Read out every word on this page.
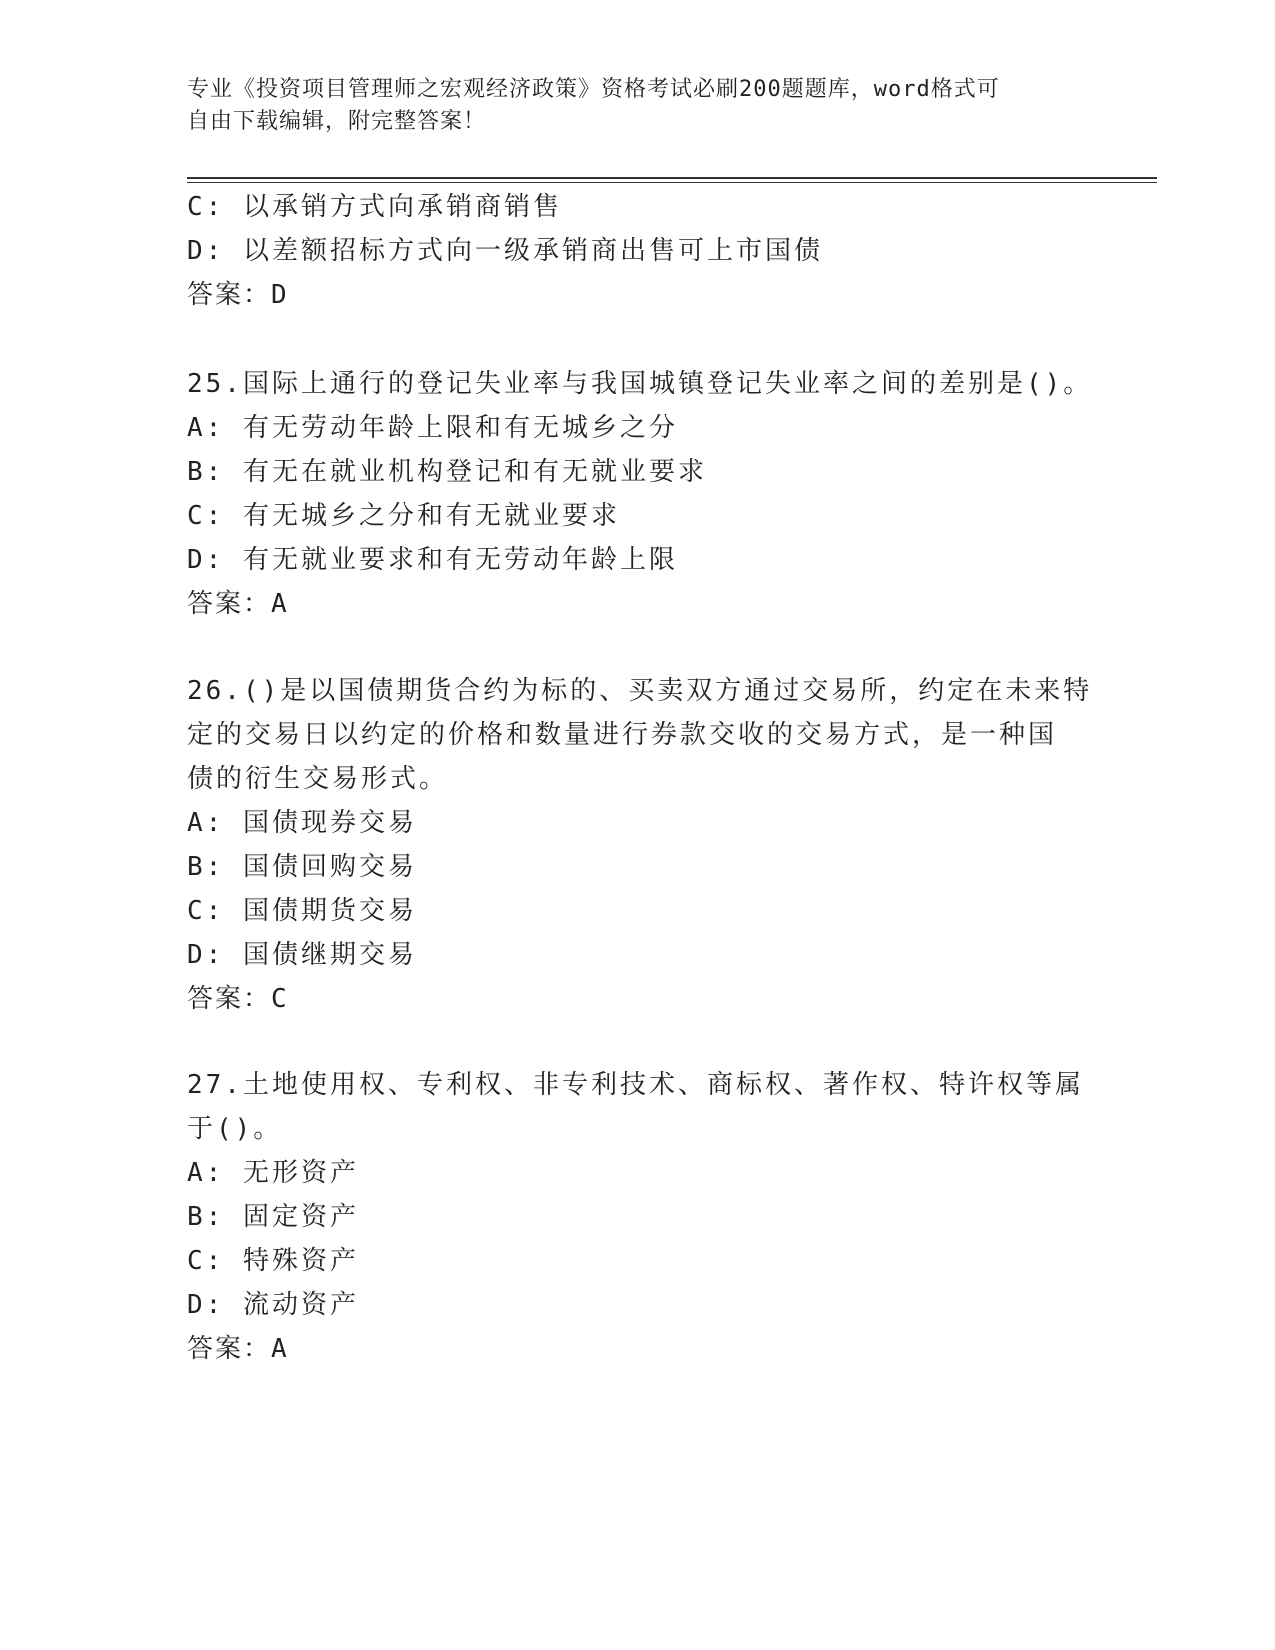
专业《投资项目管理师之宏观经济政策》资格考试必刷200题题库，word格式可
自由下载编辑，附完整答案！
C: 以承销方式向承销商销售
D: 以差额招标方式向一级承销商出售可上市国债
答案：D
25.国际上通行的登记失业率与我国城镇登记失业率之间的差别是()。
A: 有无劳动年龄上限和有无城乡之分
B: 有无在就业机构登记和有无就业要求
C: 有无城乡之分和有无就业要求
D: 有无就业要求和有无劳动年龄上限
答案：A
26.()是以国债期货合约为标的、买卖双方通过交易所，约定在未来特
定的交易日以约定的价格和数量进行券款交收的交易方式，是一种国
债的衍生交易形式。
A: 国债现券交易
B: 国债回购交易
C: 国债期货交易
D: 国债继期交易
答案：C
27.土地使用权、专利权、非专利技术、商标权、著作权、特许权等属
于()。
A: 无形资产
B: 固定资产
C: 特殊资产
D: 流动资产
答案：A
